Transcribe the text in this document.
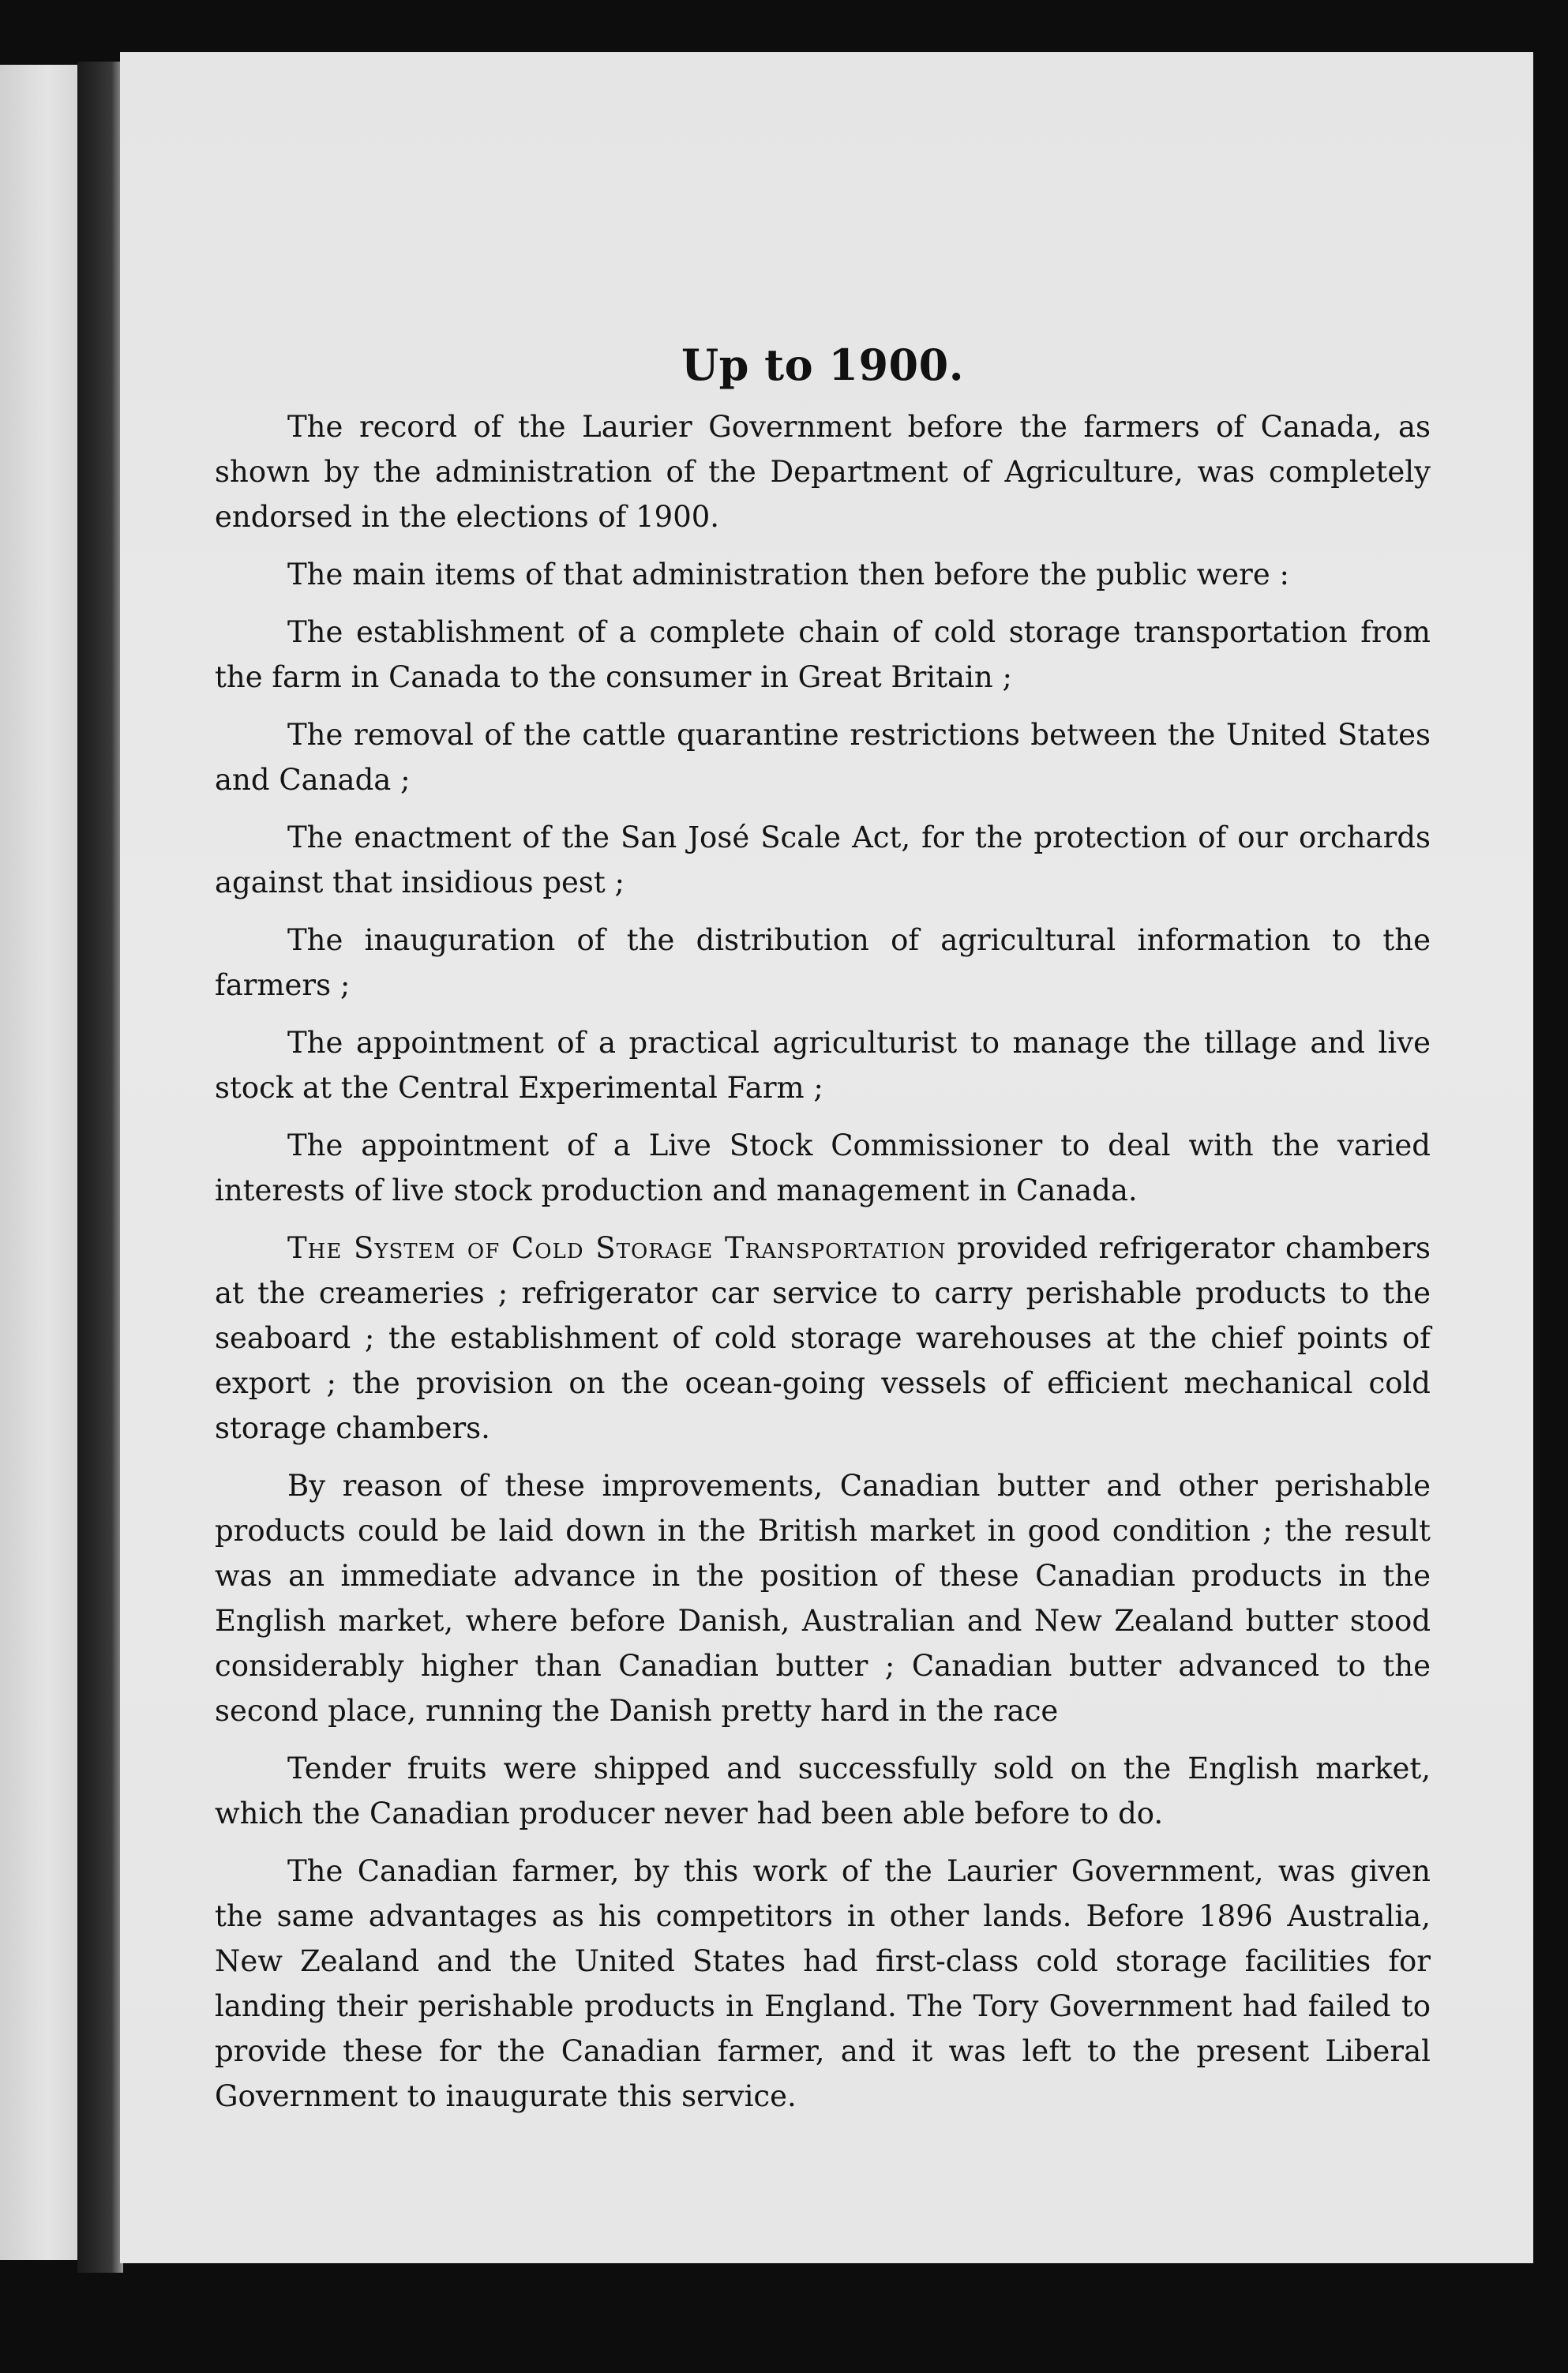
Up to 1900.

The record of the Laurier Government before the farmers of Canada, as shown by the administration of the Department of Agriculture, was completely endorsed in the elections of 1900.

The main items of that administration then before the public were :

The establishment of a complete chain of cold storage transportation from the farm in Canada to the consumer in Great Britain ;

The removal of the cattle quarantine restrictions between the United States and Canada ;

The enactment of the San José Scale Act, for the protection of our orchards against that insidious pest ;

The inauguration of the distribution of agricultural information to the farmers ;

The appointment of a practical agriculturist to manage the tillage and live stock at the Central Experimental Farm ;

The appointment of a Live Stock Commissioner to deal with the varied interests of live stock production and management in Canada.

The System of Cold Storage Transportation provided refrigerator chambers at the creameries ; refrigerator car service to carry perishable products to the seaboard ; the establishment of cold storage warehouses at the chief points of export ; the provision on the ocean-going vessels of efficient mechanical cold storage chambers.

By reason of these improvements, Canadian butter and other perishable products could be laid down in the British market in good condition ; the result was an immediate advance in the position of these Canadian products in the English market, where before Danish, Australian and New Zealand butter stood considerably higher than Canadian butter ; Canadian butter advanced to the second place, running the Danish pretty hard in the race

Tender fruits were shipped and successfully sold on the English market, which the Canadian producer never had been able before to do.

The Canadian farmer, by this work of the Laurier Government, was given the same advantages as his competitors in other lands. Before 1896 Australia, New Zealand and the United States had first-class cold storage facilities for landing their perishable products in England. The Tory Government had failed to provide these for the Canadian farmer, and it was left to the present Liberal Government to inaugurate this service.
